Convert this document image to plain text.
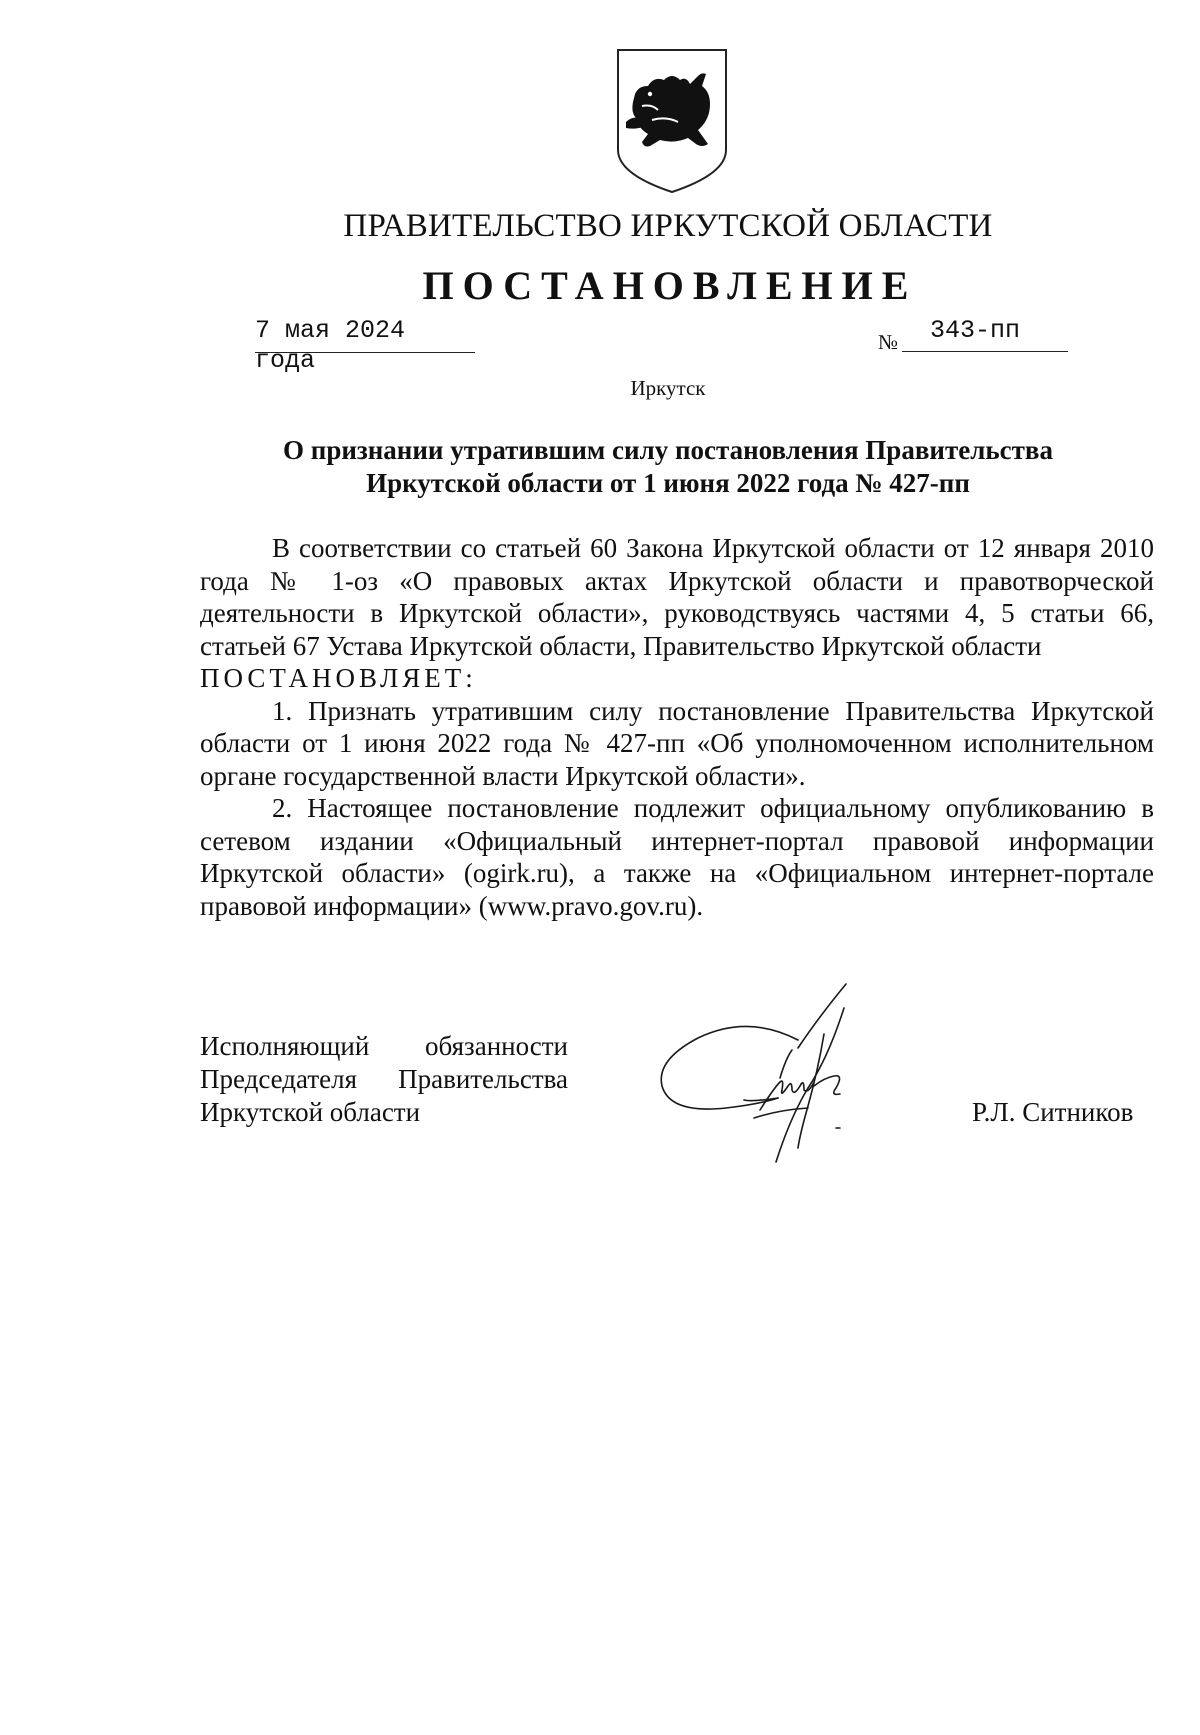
ПРАВИТЕЛЬСТВО ИРКУТСКОЙ ОБЛАСТИ
ПОСТАНОВЛЕНИЕ
7 мая 2024 года
№	343-пп
Иркутск
О признании утратившим силу постановления Правительства
Иркутской области от 1 июня 2022 года № 427-пп

В соответствии со статьей 60 Закона Иркутской области от 12 января 2010 года № 1-оз «О правовых актах Иркутской области и правотворческой деятельности в Иркутской области», руководствуясь частями 4, 5 статьи 66, статьей 67 Устава Иркутской области, Правительство Иркутской области

ПОСТАНОВЛЯЕТ:

1. Признать утратившим силу постановление Правительства Иркутской области от 1 июня 2022 года № 427-пп «Об уполномоченном исполнительном органе государственной власти Иркутской области».

2. Настоящее постановление подлежит официальному опубликованию в сетевом издании «Официальный интернет-портал правовой информации Иркутской области» (ogirk.ru), а также на «Официальном интернет-портале правовой информации» (www.pravo.gov.ru).

Исполняющий обязанности
Председателя Правительства
Иркутской области	Р.Л. Ситников
